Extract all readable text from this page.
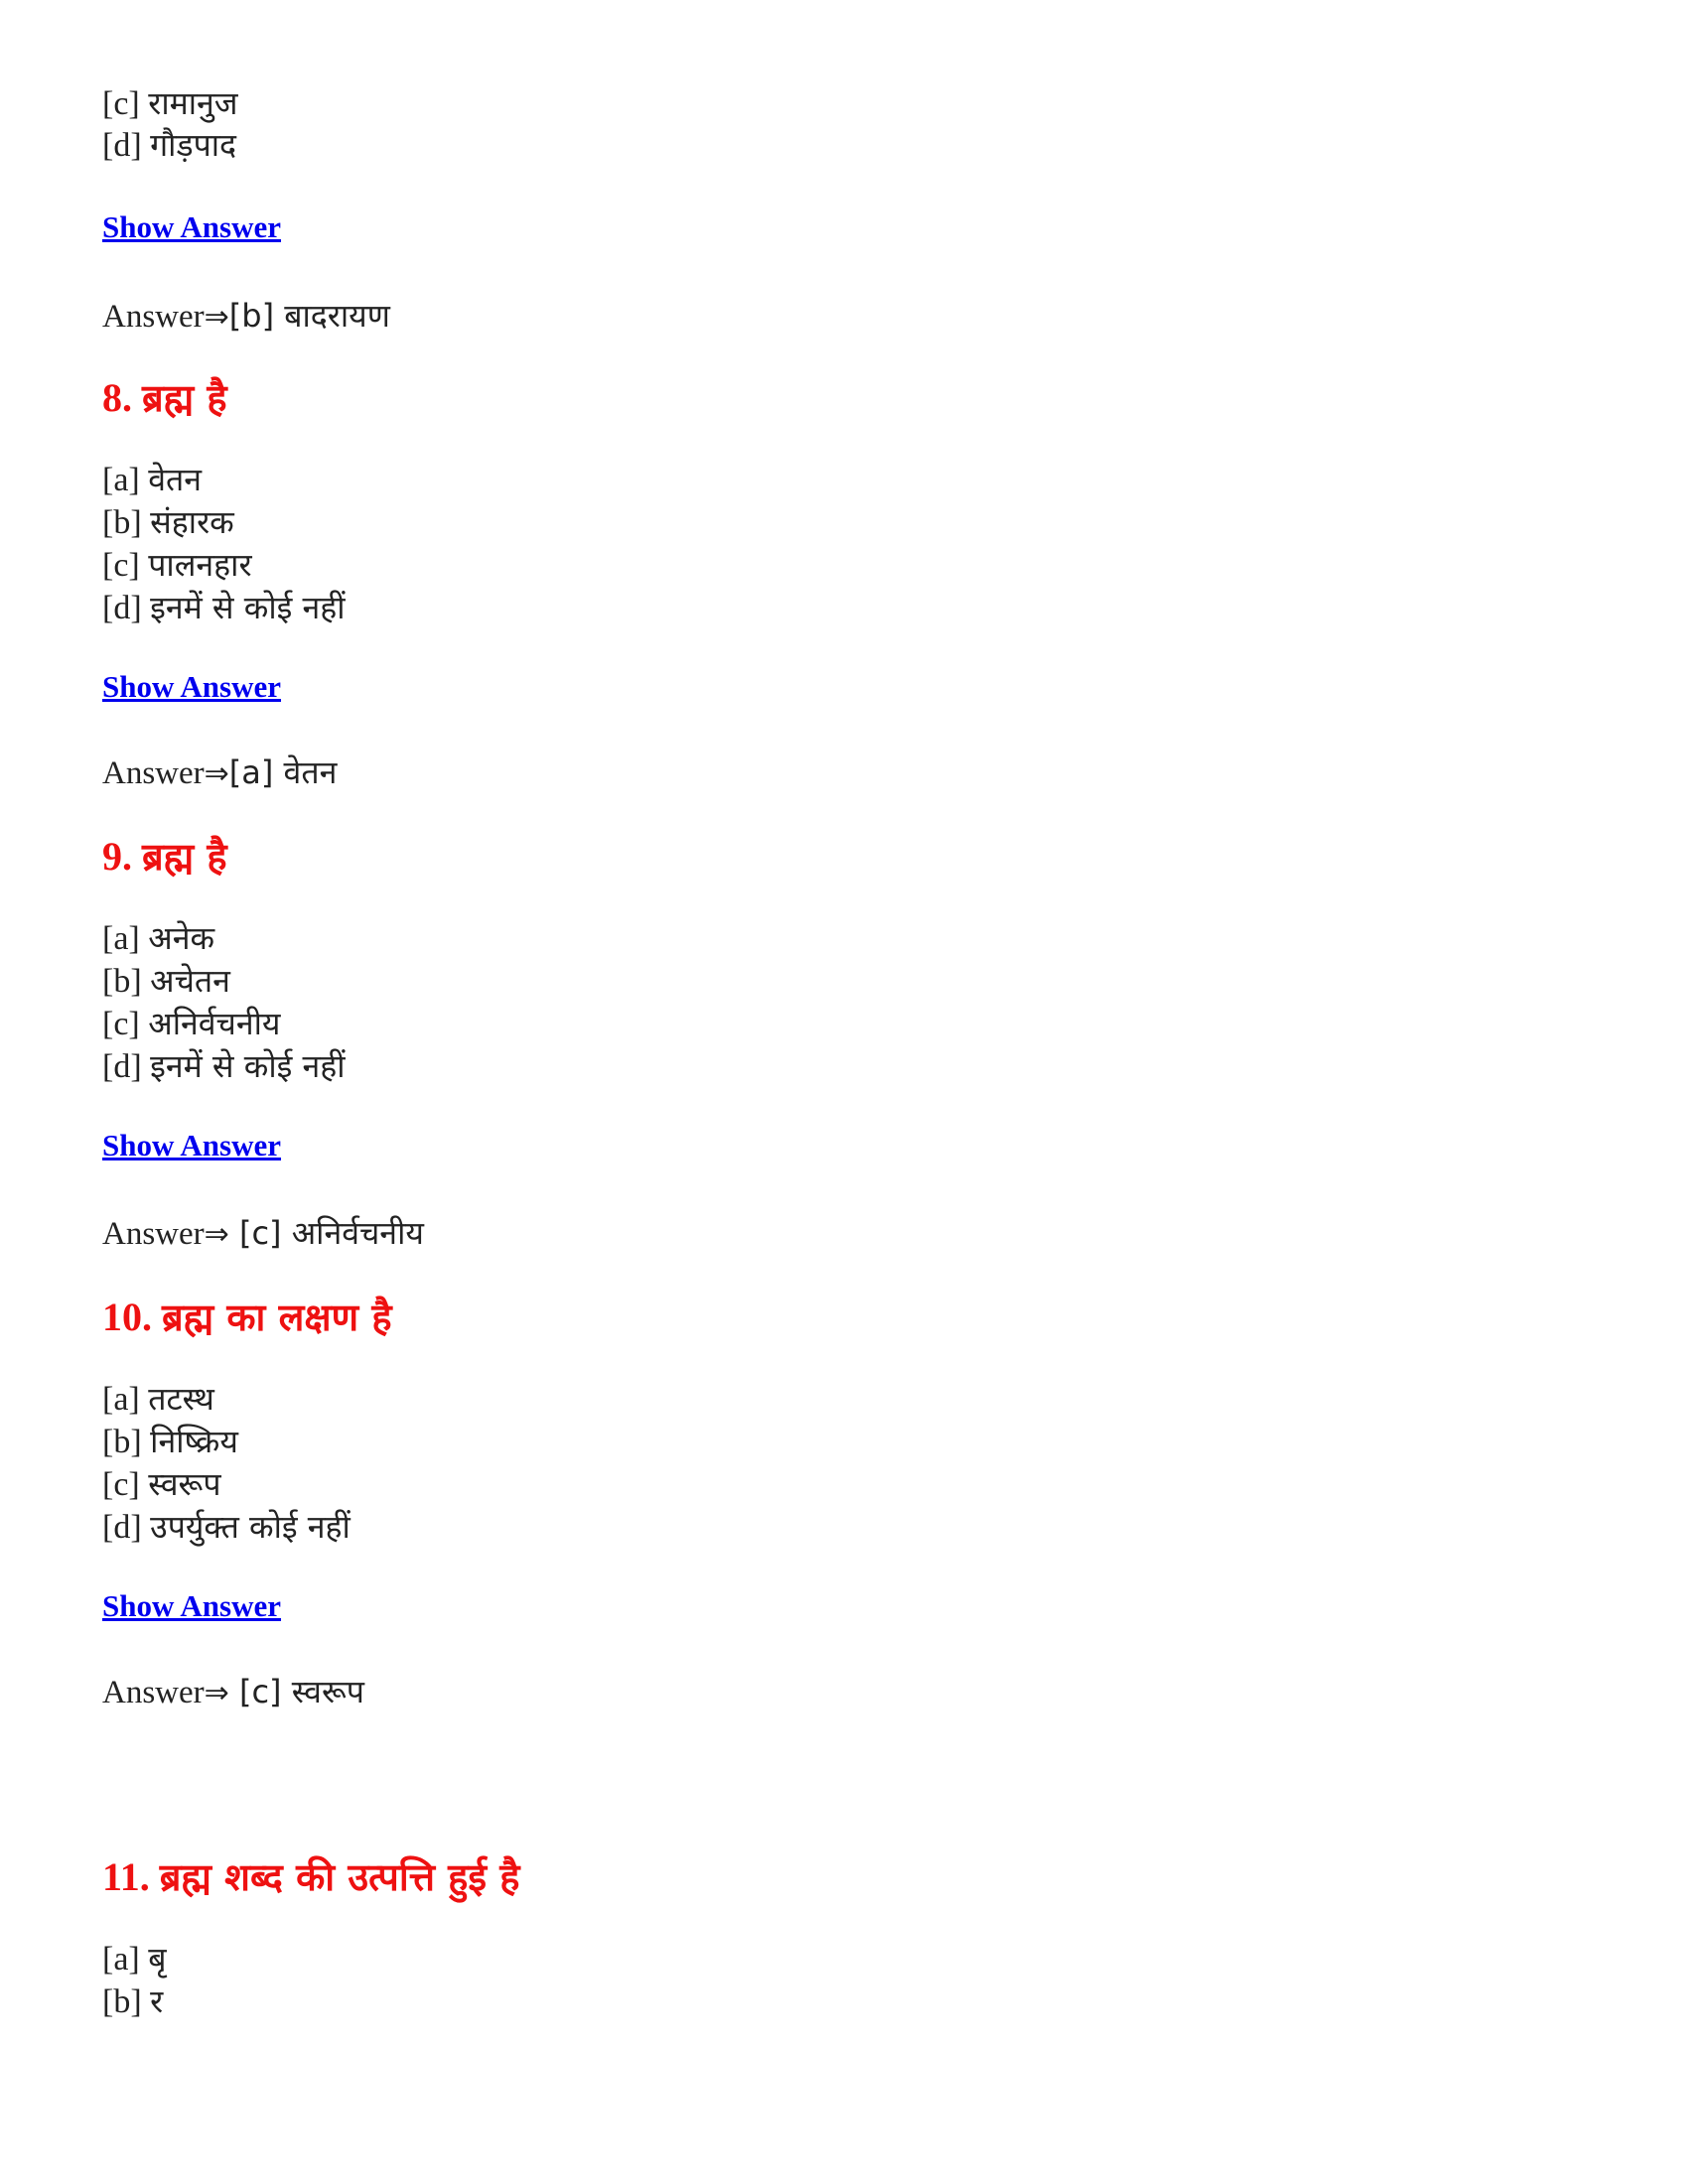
[c] रामानुज
[d] गौड़पाद
Show Answer
Answer⇒[b] बादरायण
8. ब्रह्म है
[a] वेतन
[b] संहारक
[c] पालनहार
[d] इनमें से कोई नहीं
Show Answer
Answer⇒[a] वेतन
9. ब्रह्म है
[a] अनेक
[b] अचेतन
[c] अनिर्वचनीय
[d] इनमें से कोई नहीं
Show Answer
Answer⇒ [c] अनिर्वचनीय
10. ब्रह्म का लक्षण है
[a] तटस्थ
[b] निष्क्रिय
[c] स्वरूप
[d] उपर्युक्त कोई नहीं
Show Answer
Answer⇒ [c] स्वरूप
11. ब्रह्म शब्द की उत्पत्ति हुई है
[a] बृ
[b] र
